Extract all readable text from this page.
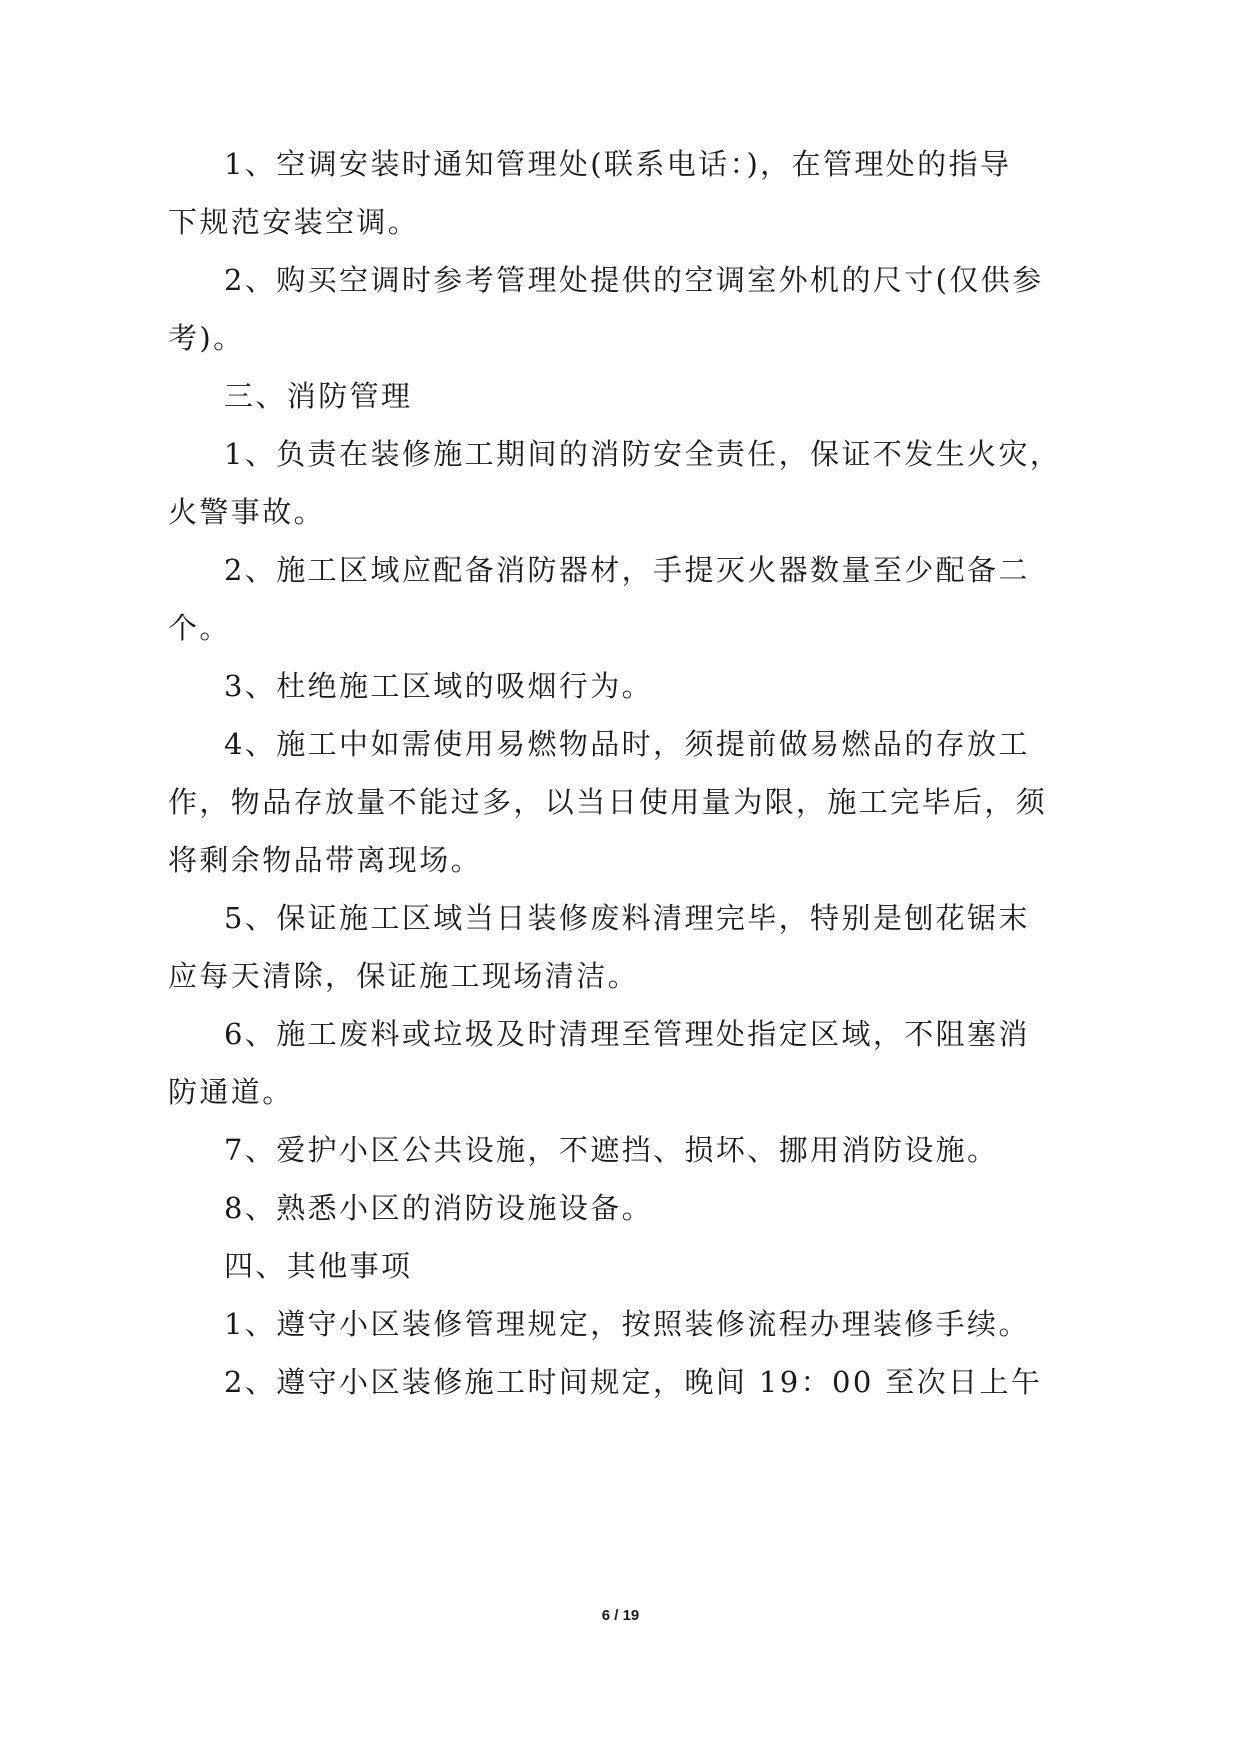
1、空调安装时通知管理处(联系电话：)，在管理处的指导
下规范安装空调。
2、购买空调时参考管理处提供的空调室外机的尺寸(仅供参
考)。
三、消防管理
1、负责在装修施工期间的消防安全责任，保证不发生火灾，
火警事故。
2、施工区域应配备消防器材，手提灭火器数量至少配备二
个。
3、杜绝施工区域的吸烟行为。
4、施工中如需使用易燃物品时，须提前做易燃品的存放工
作，物品存放量不能过多，以当日使用量为限，施工完毕后，须
将剩余物品带离现场。
5、保证施工区域当日装修废料清理完毕，特别是刨花锯末
应每天清除，保证施工现场清洁。
6、施工废料或垃圾及时清理至管理处指定区域，不阻塞消
防通道。
7、爱护小区公共设施，不遮挡、损坏、挪用消防设施。
8、熟悉小区的消防设施设备。
四、其他事项
1、遵守小区装修管理规定，按照装修流程办理装修手续。
2、遵守小区装修施工时间规定，晚间 19：00 至次日上午
6 / 19
